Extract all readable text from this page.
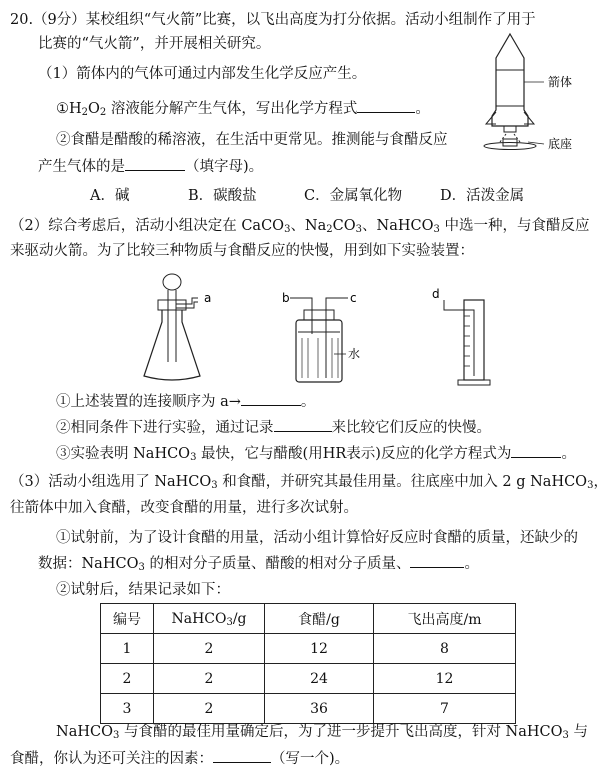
20.（9分）某校组织“气火箭”比赛，以飞出高度为打分依据。活动小组制作了用于
比赛的“气火箭”，并开展相关研究。
（1）箭体内的气体可通过内部发生化学反应产生。
$①H_2O_2$ 溶液能分解产生气体，写出化学方程式	。
②食醋是醋酸的稀溶液，在生活中更常见。推测能与食醋反应
产生气体的是	（填字母)。
A．碱	B．碳酸盐	C．金属氧化物	D．活泼金属
箭体
底座
（2）综合考虑后，活动小组决定在 CaCO$_3$、$Na_2CO_3$、NaHCO$_3$ 中选一种，与食醋反应
来驱动火箭。为了比较三种物质与食醋反应的快慢，用到如下实验装置：
a	b	c
水
d
①上述装置的连接顺序为 a→	。
②相同条件下进行实验，通过记录	来比较它们反应的快慢。
③实验表明 NaHCO$_3$ 最快，它与醋酸(用HR表示)反应的化学方程式为	。
（3）活动小组选用了 NaHCO$_3$ 和食醋，并研究其最佳用量。往底座中加入 2 g NaHCO$_3$，
往箭体中加入食醋，改变食醋的用量，进行多次试射。
①试射前，为了设计食醋的用量，活动小组计算恰好反应时食醋的质量，还缺少的
数据：NaHCO$_3$ 的相对分子质量、醋酸的相对分子质量、	。
②试射后，结果记录如下：
编号	NaHCO$_3$/g	食醋/g	飞出高度/m
1	2	12	8
2	2	24	12
3	2	36	7
NaHCO$_3$ 与食醋的最佳用量确定后，为了进一步提升飞出高度，针对 NaHCO$_3$ 与
食醋，你认为还可关注的因素：	（写一个)。
